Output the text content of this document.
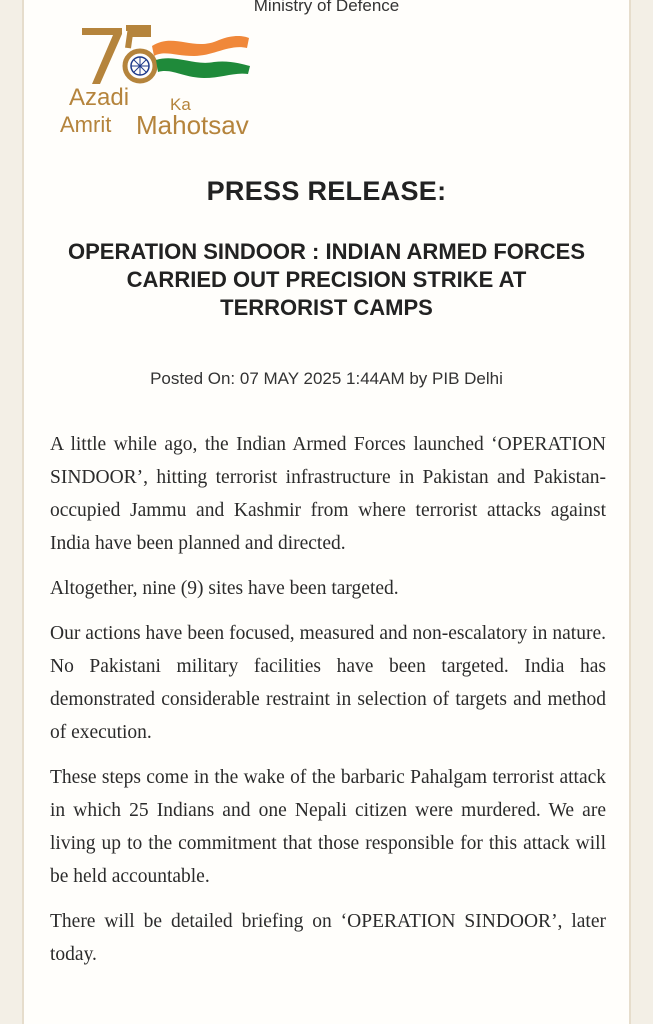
Ministry of Defence
Azadi Ka
Amrit Mahotsav
PRESS RELEASE:
OPERATION SINDOOR : INDIAN ARMED FORCES CARRIED OUT PRECISION STRIKE AT TERRORIST CAMPS
Posted On: 07 MAY 2025 1:44AM by PIB Delhi

A little while ago, the Indian Armed Forces launched ‘OPERATION SINDOOR’, hitting terrorist infrastructure in Pakistan and Pakistan-occupied Jammu and Kashmir from where terrorist attacks against India have been planned and directed.

Altogether, nine (9) sites have been targeted.

Our actions have been focused, measured and non-escalatory in nature. No Pakistani military facilities have been targeted. India has demonstrated considerable restraint in selection of targets and method of execution.

These steps come in the wake of the barbaric Pahalgam terrorist attack in which 25 Indians and one Nepali citizen were murdered. We are living up to the commitment that those responsible for this attack will be held accountable.

There will be detailed briefing on ‘OPERATION SINDOOR’, later today.
